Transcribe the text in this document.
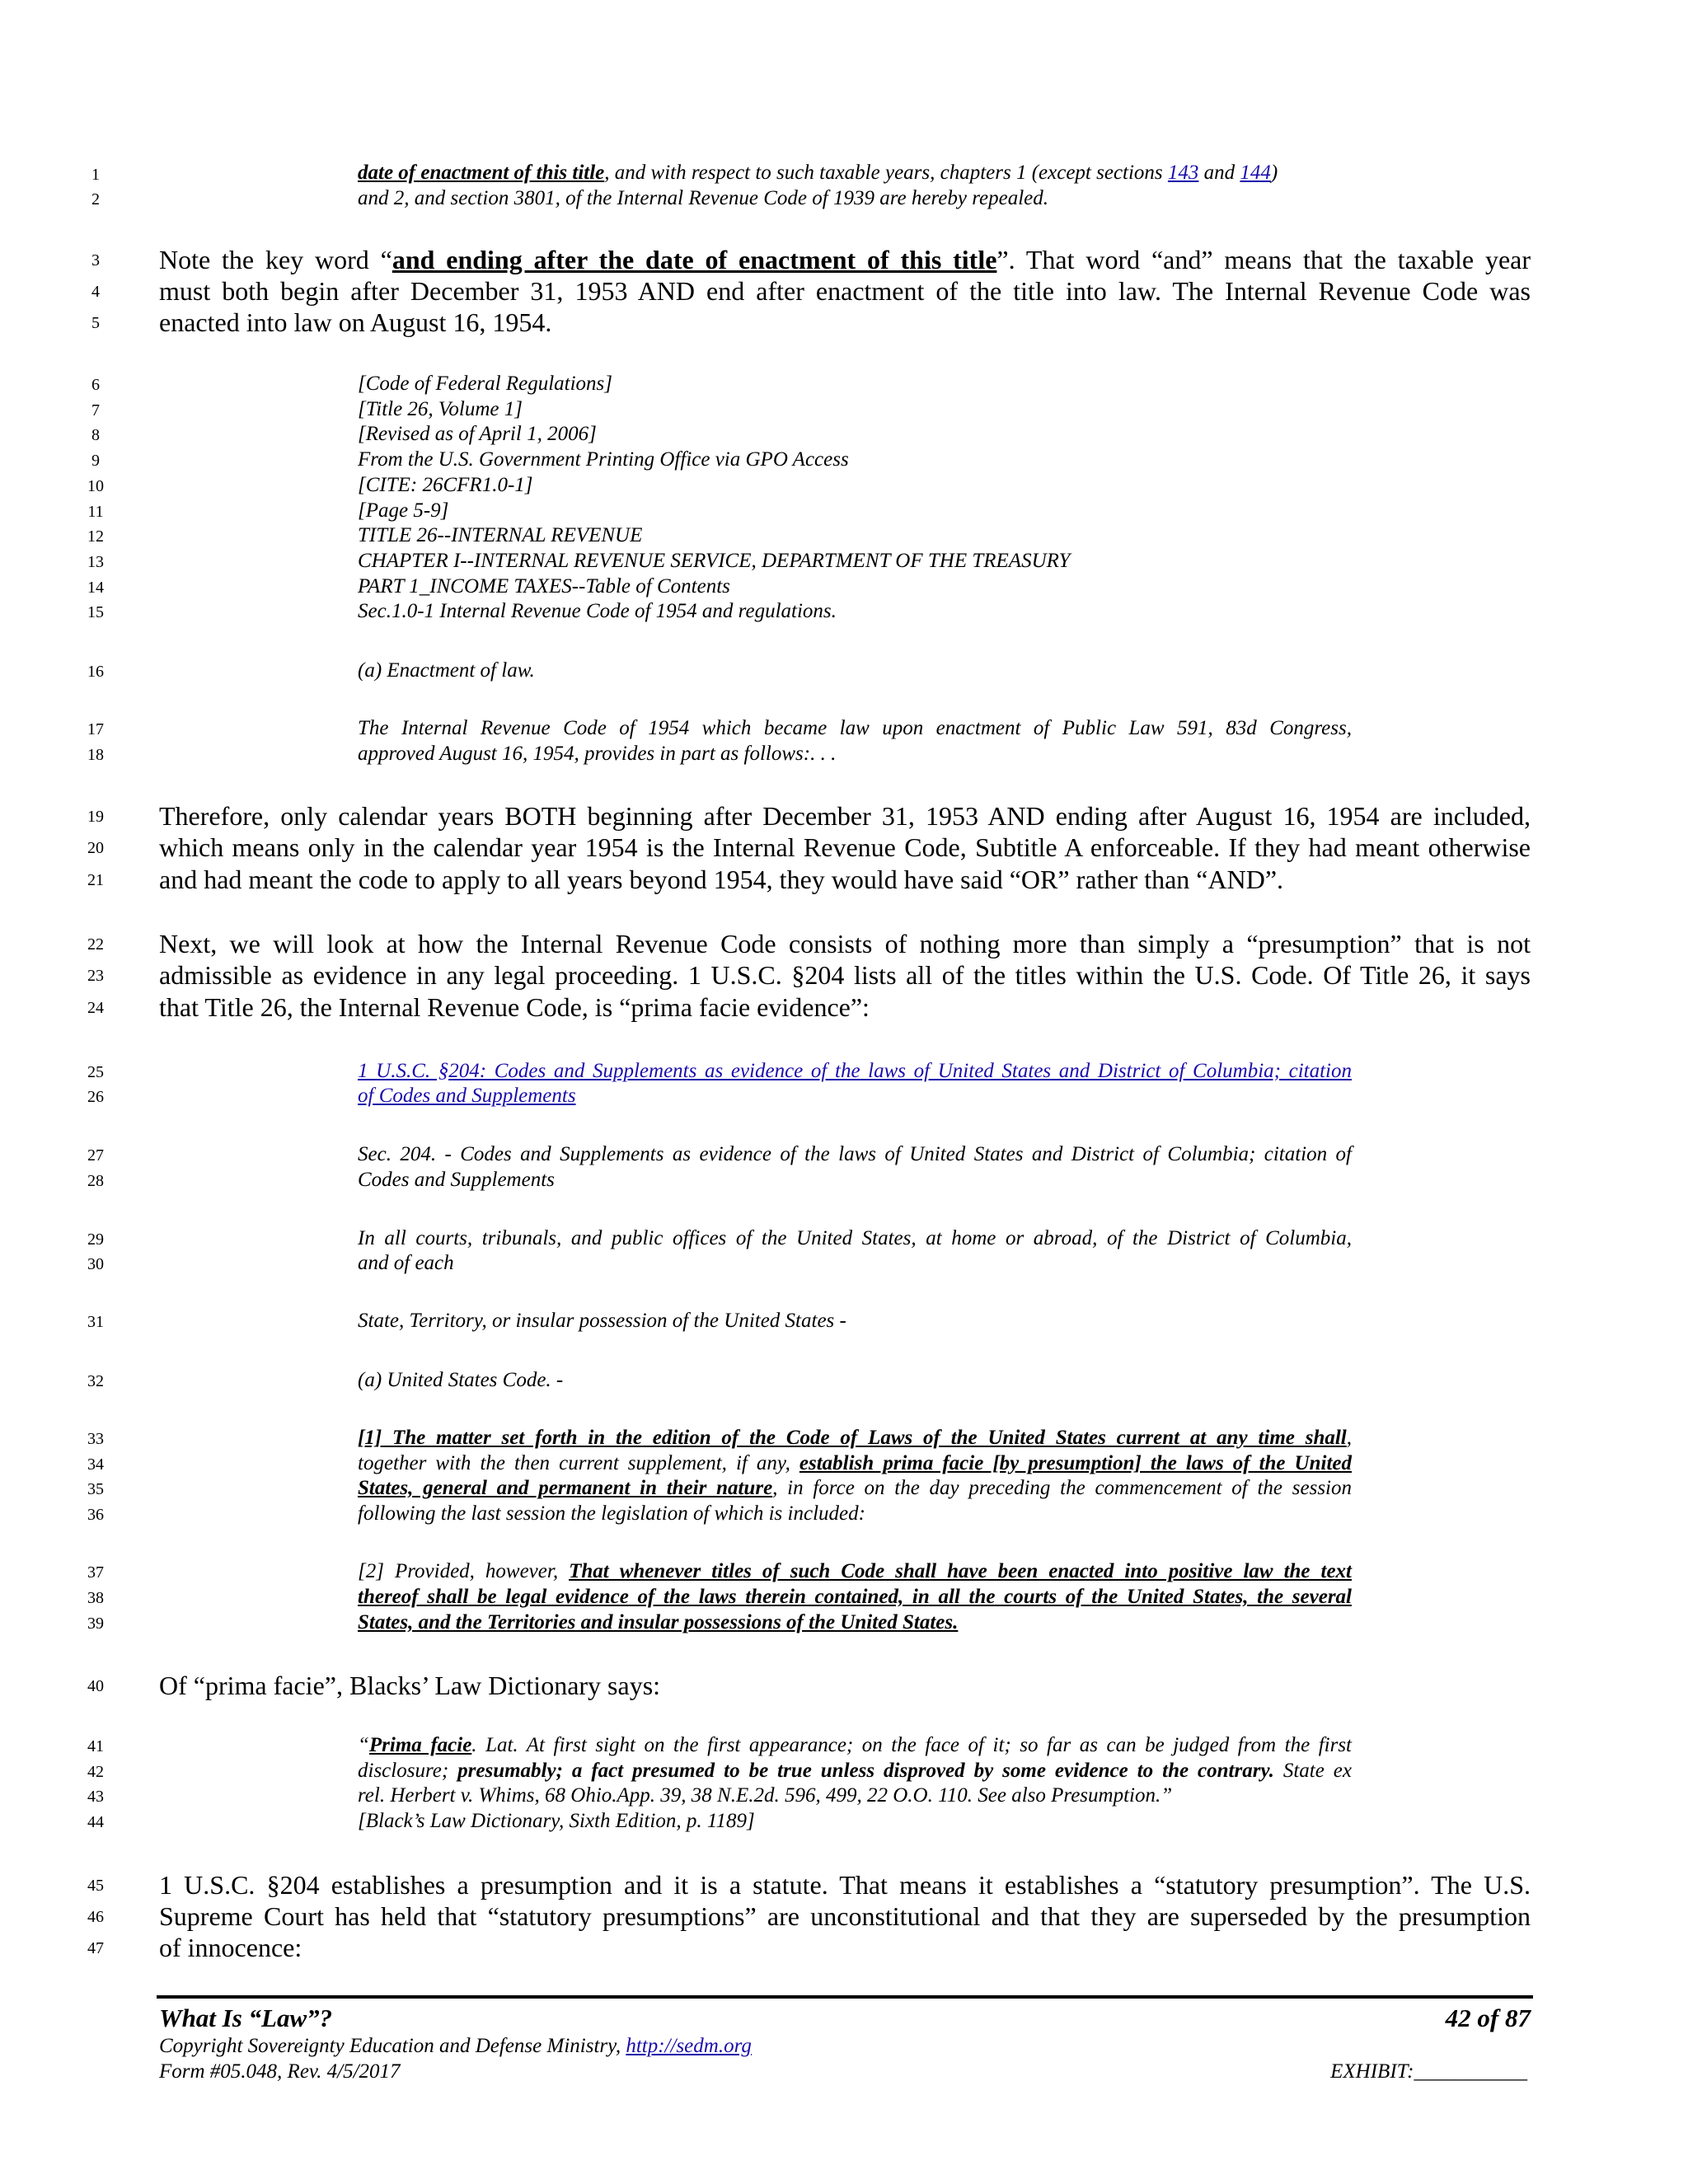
1
2
3
4
5
6
7
8
9
10
11
12
13
14
15
16
17
18
19
20
21
22
23
24
25
26
27
28
29
30
31
32
33
34
35
36
37
38
39
40
41
42
43
44
45
46
47
date of enactment of this title, and with respect to such taxable years, chapters 1 (except sections 143 and 144)
and 2, and section 3801, of the Internal Revenue Code of 1939 are hereby repealed.
Note the key word “and ending after the date of enactment of this title”. That word “and” means that the taxable year
must both begin after December 31, 1953 AND end after enactment of the title into law. The Internal Revenue Code was
enacted into law on August 16, 1954.
[Code of Federal Regulations]
[Title 26, Volume 1]
[Revised as of April 1, 2006]
From the U.S. Government Printing Office via GPO Access
[CITE: 26CFR1.0-1]
[Page 5-9]
TITLE 26--INTERNAL REVENUE
CHAPTER I--INTERNAL REVENUE SERVICE, DEPARTMENT OF THE TREASURY
PART 1_INCOME TAXES--Table of Contents
Sec.1.0-1 Internal Revenue Code of 1954 and regulations.
(a) Enactment of law.
The Internal Revenue Code of 1954 which became law upon enactment of Public Law 591, 83d Congress,
approved August 16, 1954, provides in part as follows:. . .
Therefore, only calendar years BOTH beginning after December 31, 1953 AND ending after August 16, 1954 are included,
which means only in the calendar year 1954 is the Internal Revenue Code, Subtitle A enforceable. If they had meant otherwise
and had meant the code to apply to all years beyond 1954, they would have said “OR” rather than “AND”.
Next, we will look at how the Internal Revenue Code consists of nothing more than simply a “presumption” that is not
admissible as evidence in any legal proceeding. 1 U.S.C. §204 lists all of the titles within the U.S. Code. Of Title 26, it says
that Title 26, the Internal Revenue Code, is “prima facie evidence”:
1 U.S.C. §204: Codes and Supplements as evidence of the laws of United States and District of Columbia; citation
of Codes and Supplements
Sec. 204. - Codes and Supplements as evidence of the laws of United States and District of Columbia; citation of
Codes and Supplements
In all courts, tribunals, and public offices of the United States, at home or abroad, of the District of Columbia,
and of each
State, Territory, or insular possession of the United States -
(a) United States Code. -
[1] The matter set forth in the edition of the Code of Laws of the United States current at any time shall,
together with the then current supplement, if any, establish prima facie [by presumption] the laws of the United
States, general and permanent in their nature, in force on the day preceding the commencement of the session
following the last session the legislation of which is included:
[2] Provided, however, That whenever titles of such Code shall have been enacted into positive law the text
thereof shall be legal evidence of the laws therein contained, in all the courts of the United States, the several
States, and the Territories and insular possessions of the United States.
Of “prima facie”, Blacks’ Law Dictionary says:
“Prima facie. Lat. At first sight on the first appearance; on the face of it; so far as can be judged from the first
disclosure; presumably; a fact presumed to be true unless disproved by some evidence to the contrary. State ex
rel. Herbert v. Whims, 68 Ohio.App. 39, 38 N.E.2d. 596, 499, 22 O.O. 110. See also Presumption.”
[Black’s Law Dictionary, Sixth Edition, p. 1189]
1 U.S.C. §204 establishes a presumption and it is a statute. That means it establishes a “statutory presumption”. The U.S.
Supreme Court has held that “statutory presumptions” are unconstitutional and that they are superseded by the presumption
of innocence:
What Is “Law”?	42 of 87
Copyright Sovereignty Education and Defense Ministry, http://sedm.org
Form #05.048, Rev. 4/5/2017	EXHIBIT:___________
